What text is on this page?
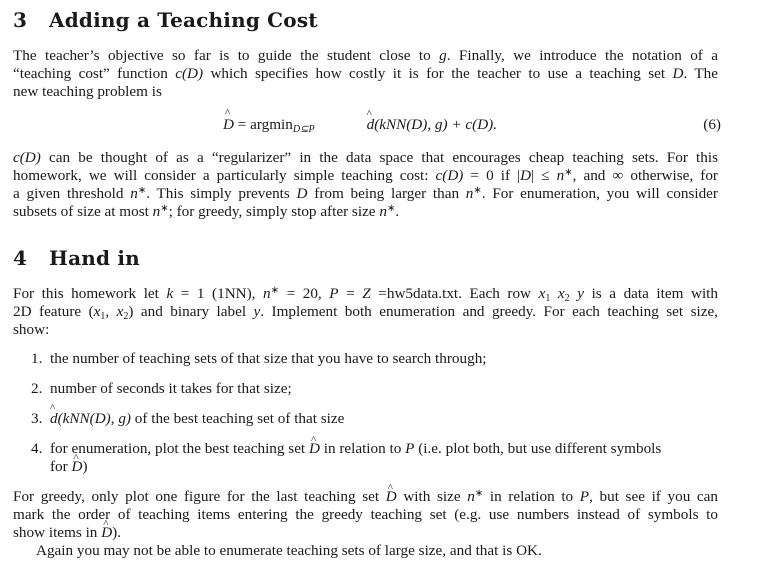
3 Adding a Teaching Cost
The teacher’s objective so far is to guide the student close to g. Finally, we introduce the notation of a
“teaching cost” function c(D) which specifies how costly it is for the teacher to use a teaching set D. The
new teaching problem is
^ D = argmin$_{D⊆P}$	^ d(kNN(D), g) + c(D).	(6)
c(D) can be thought of as a “regularizer” in the data space that encourages cheap teaching sets. For this
homework, we will consider a particularly simple teaching cost: c(D) = 0 if |D| ≤ n∗, and ∞ otherwise, for
a given threshold n∗. This simply prevents D from being larger than n∗. For enumeration, you will consider
subsets of size at most n∗; for greedy, simply stop after size n∗.
4 Hand in
For this homework let k = 1 (1NN), n∗ = 20, P = Z =hw5data.txt. Each row $x_1$ $x_2$ y is a data item with
2D feature ($x_1$, $x_2$) and binary label y. Implement both enumeration and greedy. For each teaching set size,
show:
1. the number of teaching sets of that size that you have to search through;
2. number of seconds it takes for that size;
3. ^ d(kNN(D), g) of the best teaching set of that size
4. for enumeration, plot the best teaching set ^ D in relation to P (i.e. plot both, but use different symbols
for ^ D)
For greedy, only plot one figure for the last teaching set ^ D with size n∗ in relation to P, but see if you can
mark the order of teaching items entering the greedy teaching set (e.g. use numbers instead of symbols to
show items in ^ D).
Again you may not be able to enumerate teaching sets of large size, and that is OK.
